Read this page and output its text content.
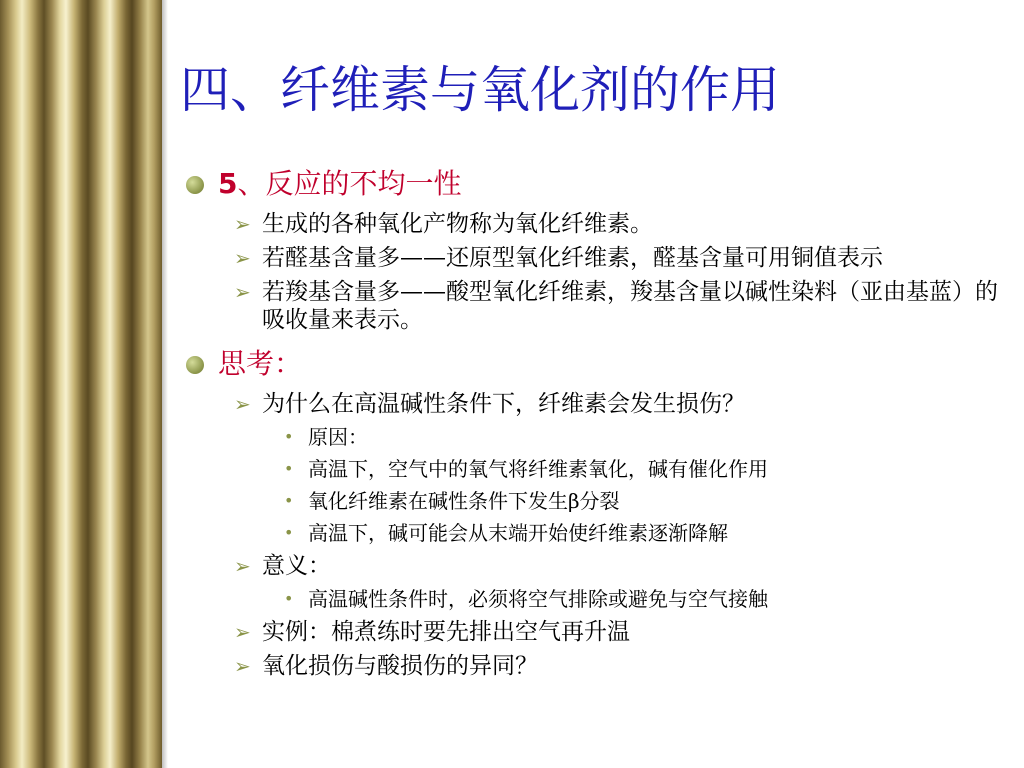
四、纤维素与氧化剂的作用
5、反应的不均一性
➢ 生成的各种氧化产物称为氧化纤维素。
➢ 若醛基含量多——还原型氧化纤维素，醛基含量可用铜值表示
➢ 若羧基含量多——酸型氧化纤维素，羧基含量以碱性染料（亚由基蓝）的吸收量来表示。
思考：
➢ 为什么在高温碱性条件下，纤维素会发生损伤？
• 原因：
• 高温下，空气中的氧气将纤维素氧化，碱有催化作用
• 氧化纤维素在碱性条件下发生β分裂
• 高温下，碱可能会从末端开始使纤维素逐渐降解
➢ 意义：
• 高温碱性条件时，必须将空气排除或避免与空气接触
➢ 实例：棉煮练时要先排出空气再升温
➢ 氧化损伤与酸损伤的异同？
